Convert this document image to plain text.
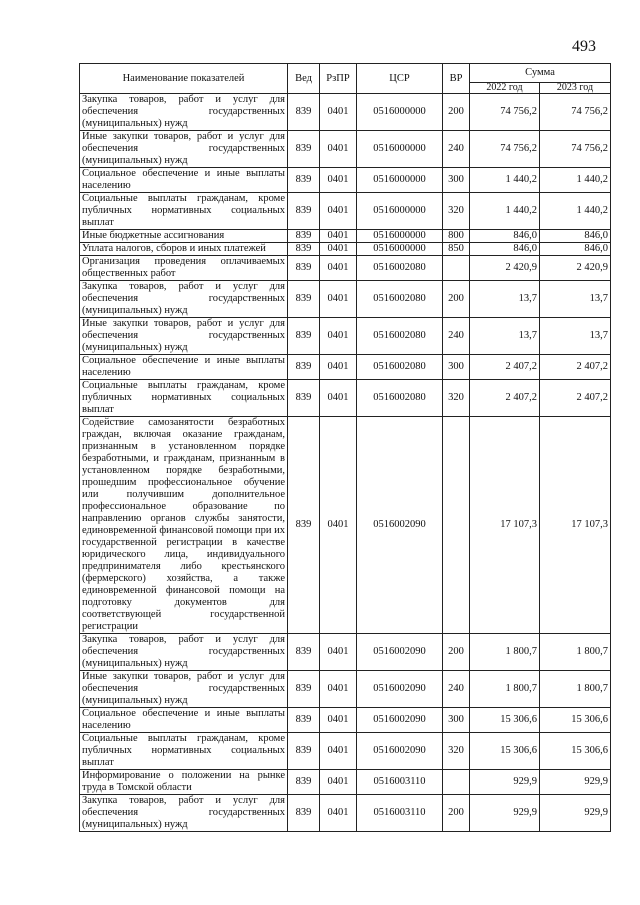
493
Наименование показателей	Вед	РзПР	ЦСР	ВР	Сумма	
					2022 год	2023 год
Закупка товаров, работ и услуг для обеспечения государственных (муниципальных) нужд	839	0401	0516000000	200	74 756,2	74 756,2
Иные закупки товаров, работ и услуг для обеспечения государственных (муниципальных) нужд	839	0401	0516000000	240	74 756,2	74 756,2
Социальное обеспечение и иные выплаты населению	839	0401	0516000000	300	1 440,2	1 440,2
Социальные выплаты гражданам, кроме публичных нормативных социальных выплат	839	0401	0516000000	320	1 440,2	1 440,2
Иные бюджетные ассигнования	839	0401	0516000000	800	846,0	846,0
Уплата налогов, сборов и иных платежей	839	0401	0516000000	850	846,0	846,0
Организация проведения оплачиваемых общественных работ	839	0401	0516002080		2 420,9	2 420,9
Закупка товаров, работ и услуг для обеспечения государственных (муниципальных) нужд	839	0401	0516002080	200	13,7	13,7
Иные закупки товаров, работ и услуг для обеспечения государственных (муниципальных) нужд	839	0401	0516002080	240	13,7	13,7
Социальное обеспечение и иные выплаты населению	839	0401	0516002080	300	2 407,2	2 407,2
Социальные выплаты гражданам, кроме публичных нормативных социальных выплат	839	0401	0516002080	320	2 407,2	2 407,2
Содействие самозанятости безработных граждан, включая оказание гражданам, признанным в установленном порядке безработными, и гражданам, признанным в установленном порядке безработными, прошедшим профессиональное обучение или получившим дополнительное профессиональное образование по направлению органов службы занятости, единовременной финансовой помощи при их государственной регистрации в качестве юридического лица, индивидуального предпринимателя либо крестьянского (фермерского) хозяйства, а также единовременной финансовой помощи на подготовку документов для соответствующей государственной регистрации	839	0401	0516002090		17 107,3	17 107,3
Закупка товаров, работ и услуг для обеспечения государственных (муниципальных) нужд	839	0401	0516002090	200	1 800,7	1 800,7
Иные закупки товаров, работ и услуг для обеспечения государственных (муниципальных) нужд	839	0401	0516002090	240	1 800,7	1 800,7
Социальное обеспечение и иные выплаты населению	839	0401	0516002090	300	15 306,6	15 306,6
Социальные выплаты гражданам, кроме публичных нормативных социальных выплат	839	0401	0516002090	320	15 306,6	15 306,6
Информирование о положении на рынке труда в Томской области	839	0401	0516003110		929,9	929,9
Закупка товаров, работ и услуг для обеспечения государственных (муниципальных) нужд	839	0401	0516003110	200	929,9	929,9
